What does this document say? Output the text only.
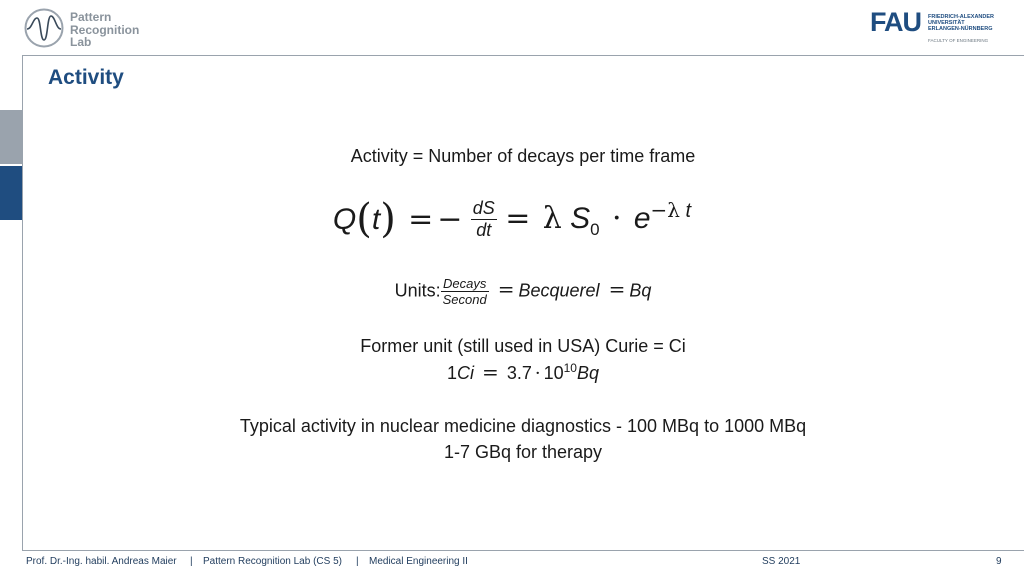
Pattern
Recognition
Lab
FAU FRIEDRICH-ALEXANDER
UNIVERSITÄT
ERLANGEN-NÜRNBERG
FACULTY OF ENGINEERING
Activity
Activity = Number of decays per time frame
Q(t) = − $\frac{dS}{dt} = \lambda$ $S_0 \cdot e^{-\lambda t}$
Units: $\frac{\text{Decays}}{\text{Second}}$ = Becquerel = Bq
Former unit (still used in USA) Curie = Ci
$1Ci = 3.7 \cdot 10^{10}Bq$
Typical activity in nuclear medicine diagnostics - 100 MBq to 1000 MBq
1-7 GBq for therapy
Prof. Dr.-Ing. habil. Andreas Maier | Pattern Recognition Lab (CS 5) | Medical Engineering II	SS 2021	9
